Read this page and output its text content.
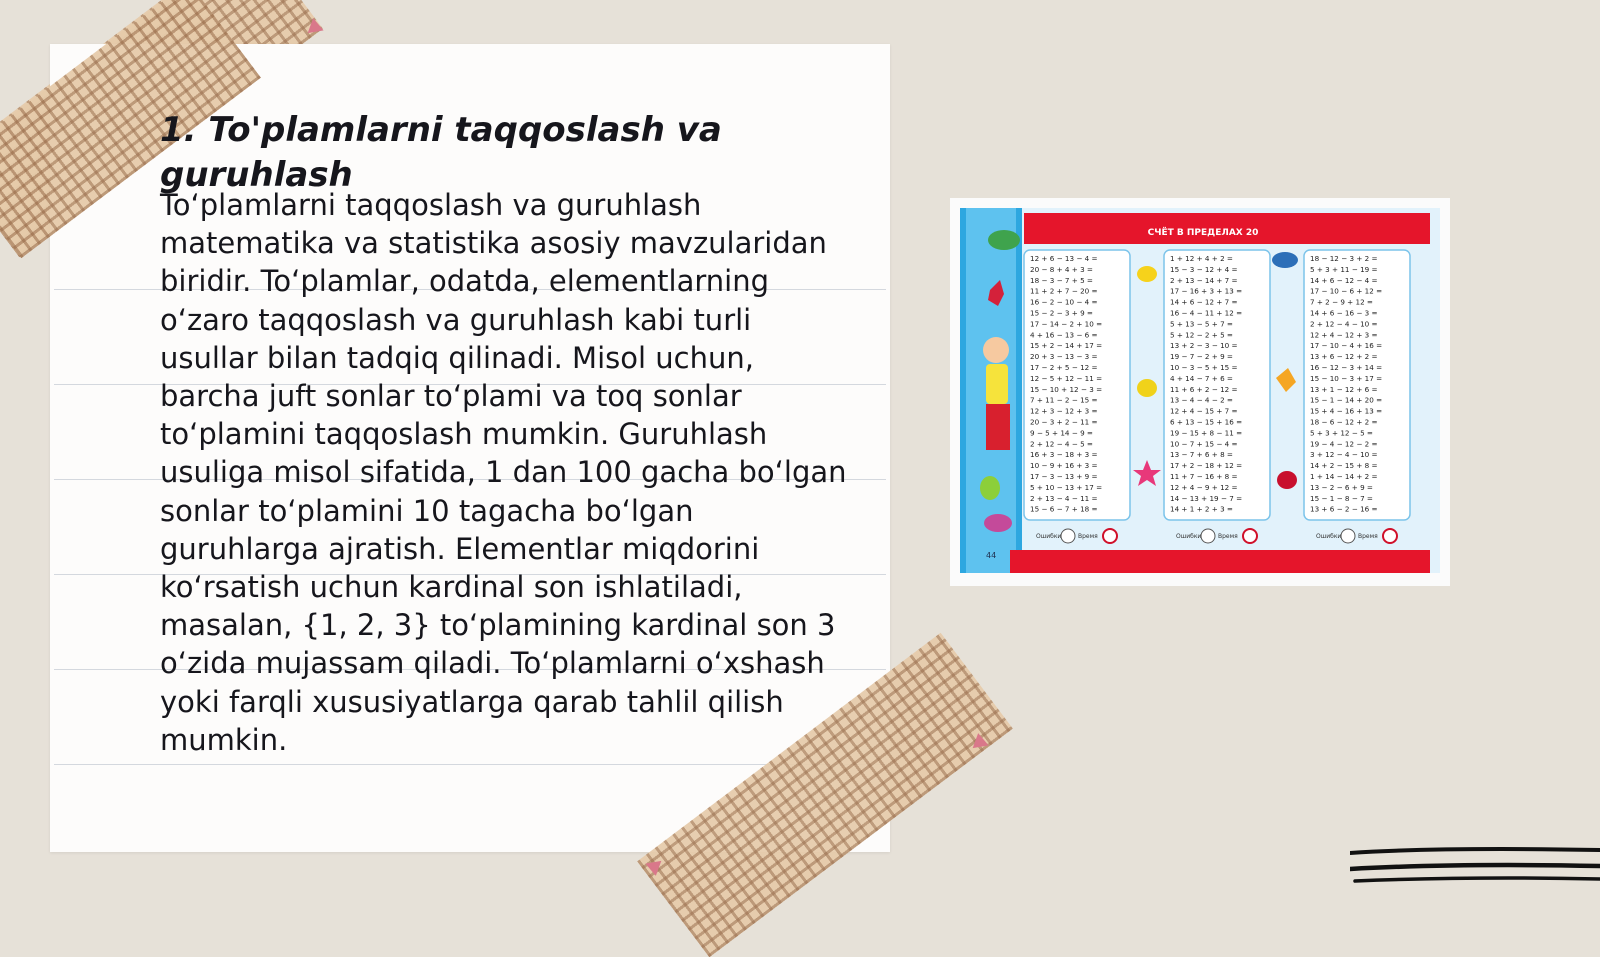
1. To'plamlarni taqqoslash va guruhlash

To‘plamlarni taqqoslash va guruhlash matematika va statistika asosiy mavzularidan biridir. To‘plamlar, odatda, elementlarning o‘zaro taqqoslash va guruhlash kabi turli usullar bilan tadqiq qilinadi. Misol uchun, barcha juft sonlar to‘plami va toq sonlar to‘plamini taqqoslash mumkin. Guruhlash usuliga misol sifatida, 1 dan 100 gacha bo‘lgan sonlar to‘plamini 10 tagacha bo‘lgan guruhlarga ajratish. Elementlar miqdorini ko‘rsatish uchun kardinal son ishlatiladi, masalan, {1, 2, 3} to‘plamining kardinal son 3 o‘zida mujassam qiladi. To‘plamlarni o‘xshash yoki farqli xususiyatlarga qarab tahlil qilish mumkin.

СЧЁТ В ПРЕДЕЛАХ 20
44
12 + 6 − 13 − 4 =
20 − 8 + 4 + 3 =
18 − 3 − 7 + 5 =
11 + 2 + 7 − 20 =
16 − 2 − 10 − 4 =
15 − 2 − 3 + 9 =
17 − 14 − 2 + 10 =
4 + 16 − 13 − 6 =
15 + 2 − 14 + 17 =
20 + 3 − 13 − 3 =
17 − 2 + 5 − 12 =
12 − 5 + 12 − 11 =
15 − 10 + 12 − 3 =
7 + 11 − 2 − 15 =
12 + 3 − 12 + 3 =
20 − 3 + 2 − 11 =
9 − 5 + 14 − 9 =
2 + 12 − 4 − 5 =
16 + 3 − 18 + 3 =
10 − 9 + 16 + 3 =
17 − 3 − 13 + 9 =
5 + 10 − 13 + 17 =
2 + 13 − 4 − 11 =
15 − 6 − 7 + 18 =
1 + 12 + 4 + 2 =
15 − 3 − 12 + 4 =
2 + 13 − 14 + 7 =
17 − 16 + 3 + 13 =
14 + 6 − 12 + 7 =
16 − 4 − 11 + 12 =
5 + 13 − 5 + 7 =
5 + 12 − 2 + 5 =
13 + 2 − 3 − 10 =
19 − 7 − 2 + 9 =
10 − 3 − 5 + 15 =
4 + 14 − 7 + 6 =
11 + 6 + 2 − 12 =
13 − 4 − 4 − 2 =
12 + 4 − 15 + 7 =
6 + 13 − 15 + 16 =
19 − 15 + 8 − 11 =
10 − 7 + 15 − 4 =
13 − 7 + 6 + 8 =
17 + 2 − 18 + 12 =
11 + 7 − 16 + 8 =
12 + 4 − 9 + 12 =
14 − 13 + 19 − 7 =
14 + 1 + 2 + 3 =
18 − 12 − 3 + 2 =
5 + 3 + 11 − 19 =
14 + 6 − 12 − 4 =
17 − 10 − 6 + 12 =
7 + 2 − 9 + 12 =
14 + 6 − 16 − 3 =
2 + 12 − 4 − 10 =
12 + 4 − 12 + 3 =
17 − 10 − 4 + 16 =
13 + 6 − 12 + 2 =
16 − 12 − 3 + 14 =
15 − 10 − 3 + 17 =
13 + 1 − 12 + 6 =
15 − 1 − 14 + 20 =
15 + 4 − 16 + 13 =
18 − 6 − 12 + 2 =
5 + 3 + 12 − 5 =
19 − 4 − 12 − 2 =
3 + 12 − 4 − 10 =
14 + 2 − 15 + 8 =
1 + 14 − 14 + 2 =
13 − 2 − 6 + 9 =
15 − 1 − 8 − 7 =
13 + 6 − 2 − 16 =
Ошибки	Время	Ошибки	Время	Ошибки	Время
